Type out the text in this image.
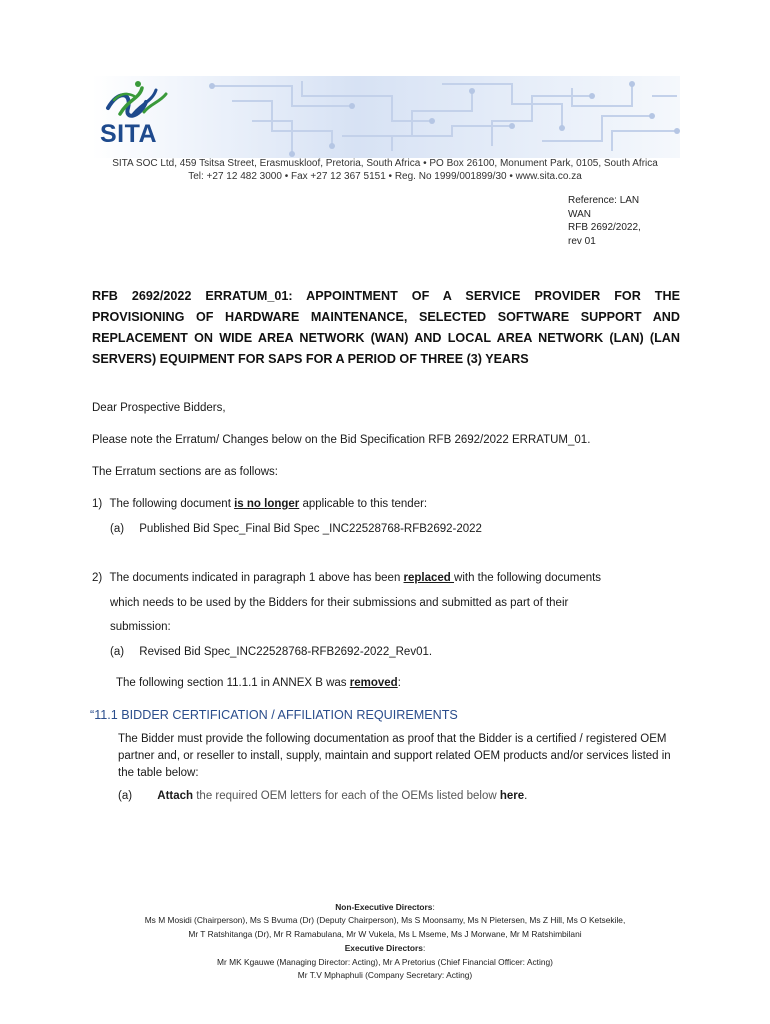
SITA
SITA SOC Ltd, 459 Tsitsa Street, Erasmuskloof, Pretoria, South Africa • PO Box 26100, Monument Park, 0105, South Africa
Tel: +27 12 482 3000 • Fax +27 12 367 5151 • Reg. No 1999/001899/30 • www.sita.co.za
Reference: LAN
WAN
RFB 2692/2022,
rev 01
RFB 2692/2022 ERRATUM_01: APPOINTMENT OF A SERVICE PROVIDER FOR THE PROVISIONING OF HARDWARE MAINTENANCE, SELECTED SOFTWARE SUPPORT AND REPLACEMENT ON WIDE AREA NETWORK (WAN) AND LOCAL AREA NETWORK (LAN) (LAN SERVERS) EQUIPMENT FOR SAPS FOR A PERIOD OF THREE (3) YEARS
Dear Prospective Bidders,
Please note the Erratum/ Changes below on the Bid Specification RFB 2692/2022 ERRATUM_01.
The Erratum sections are as follows:
1) The following document is no longer applicable to this tender:
(a) Published Bid Spec_Final Bid Spec _INC22528768-RFB2692-2022
2) The documents indicated in paragraph 1 above has been replaced with the following documents
which needs to be used by the Bidders for their submissions and submitted as part of their
submission:
(a) Revised Bid Spec_INC22528768-RFB2692-2022_Rev01.
The following section 11.1.1 in ANNEX B was removed:
“11.1 BIDDER CERTIFICATION / AFFILIATION REQUIREMENTS
The Bidder must provide the following documentation as proof that the Bidder is a certified / registered OEM partner and, or reseller to install, supply, maintain and support related OEM products and/or services listed in the table below:
(a) Attach the required OEM letters for each of the OEMs listed below here.
Non-Executive Directors:
Ms M Mosidi (Chairperson), Ms S Bvuma (Dr) (Deputy Chairperson), Ms S Moonsamy, Ms N Pietersen, Ms Z Hill, Ms O Ketsekile,
Mr T Ratshitanga (Dr), Mr R Ramabulana, Mr W Vukela, Ms L Mseme, Ms J Morwane, Mr M Ratshimbilani
Executive Directors:
Mr MK Kgauwe (Managing Director: Acting), Mr A Pretorius (Chief Financial Officer: Acting)
Mr T.V Mphaphuli (Company Secretary: Acting)
